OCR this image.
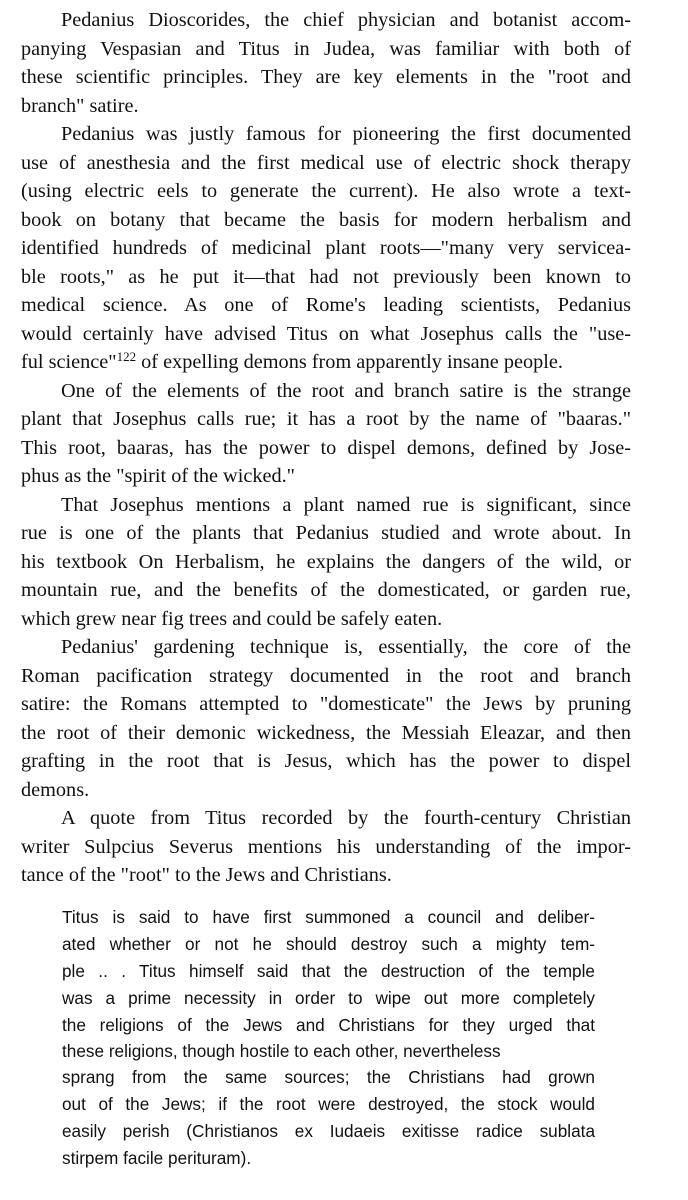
Pedanius Dioscorides, the chief physician and botanist accom-
panying Vespasian and Titus in Judea, was familiar with both of
these scientific principles. They are key elements in the "root and
branch" satire.
Pedanius was justly famous for pioneering the first documented
use of anesthesia and the first medical use of electric shock therapy
(using electric eels to generate the current). He also wrote a text-
book on botany that became the basis for modern herbalism and
identified hundreds of medicinal plant roots—"many very servicea-
ble roots," as he put it—that had not previously been known to
medical science. As one of Rome's leading scientists, Pedanius
would certainly have advised Titus on what Josephus calls the "use-
ful science"$^{122}$ of expelling demons from apparently insane people.
One of the elements of the root and branch satire is the strange
plant that Josephus calls rue; it has a root by the name of "baaras."
This root, baaras, has the power to dispel demons, defined by Jose-
phus as the "spirit of the wicked."
That Josephus mentions a plant named rue is significant, since
rue is one of the plants that Pedanius studied and wrote about. In
his textbook On Herbalism, he explains the dangers of the wild, or
mountain rue, and the benefits of the domesticated, or garden rue,
which grew near fig trees and could be safely eaten.
Pedanius' gardening technique is, essentially, the core of the
Roman pacification strategy documented in the root and branch
satire: the Romans attempted to "domesticate" the Jews by pruning
the root of their demonic wickedness, the Messiah Eleazar, and then
grafting in the root that is Jesus, which has the power to dispel
demons.
A quote from Titus recorded by the fourth-century Christian
writer Sulpcius Severus mentions his understanding of the impor-
tance of the "root" to the Jews and Christians.
Titus is said to have first summoned a council and deliber-
ated whether or not he should destroy such a mighty tem-
ple .. . Titus himself said that the destruction of the temple
was a prime necessity in order to wipe out more completely
the religions of the Jews and Christians for they urged that
these religions, though hostile to each other, nevertheless
sprang from the same sources; the Christians had grown
out of the Jews; if the root were destroyed, the stock would
easily perish (Christianos ex Iudaeis exitisse radice sublata
stirpem facile perituram).
